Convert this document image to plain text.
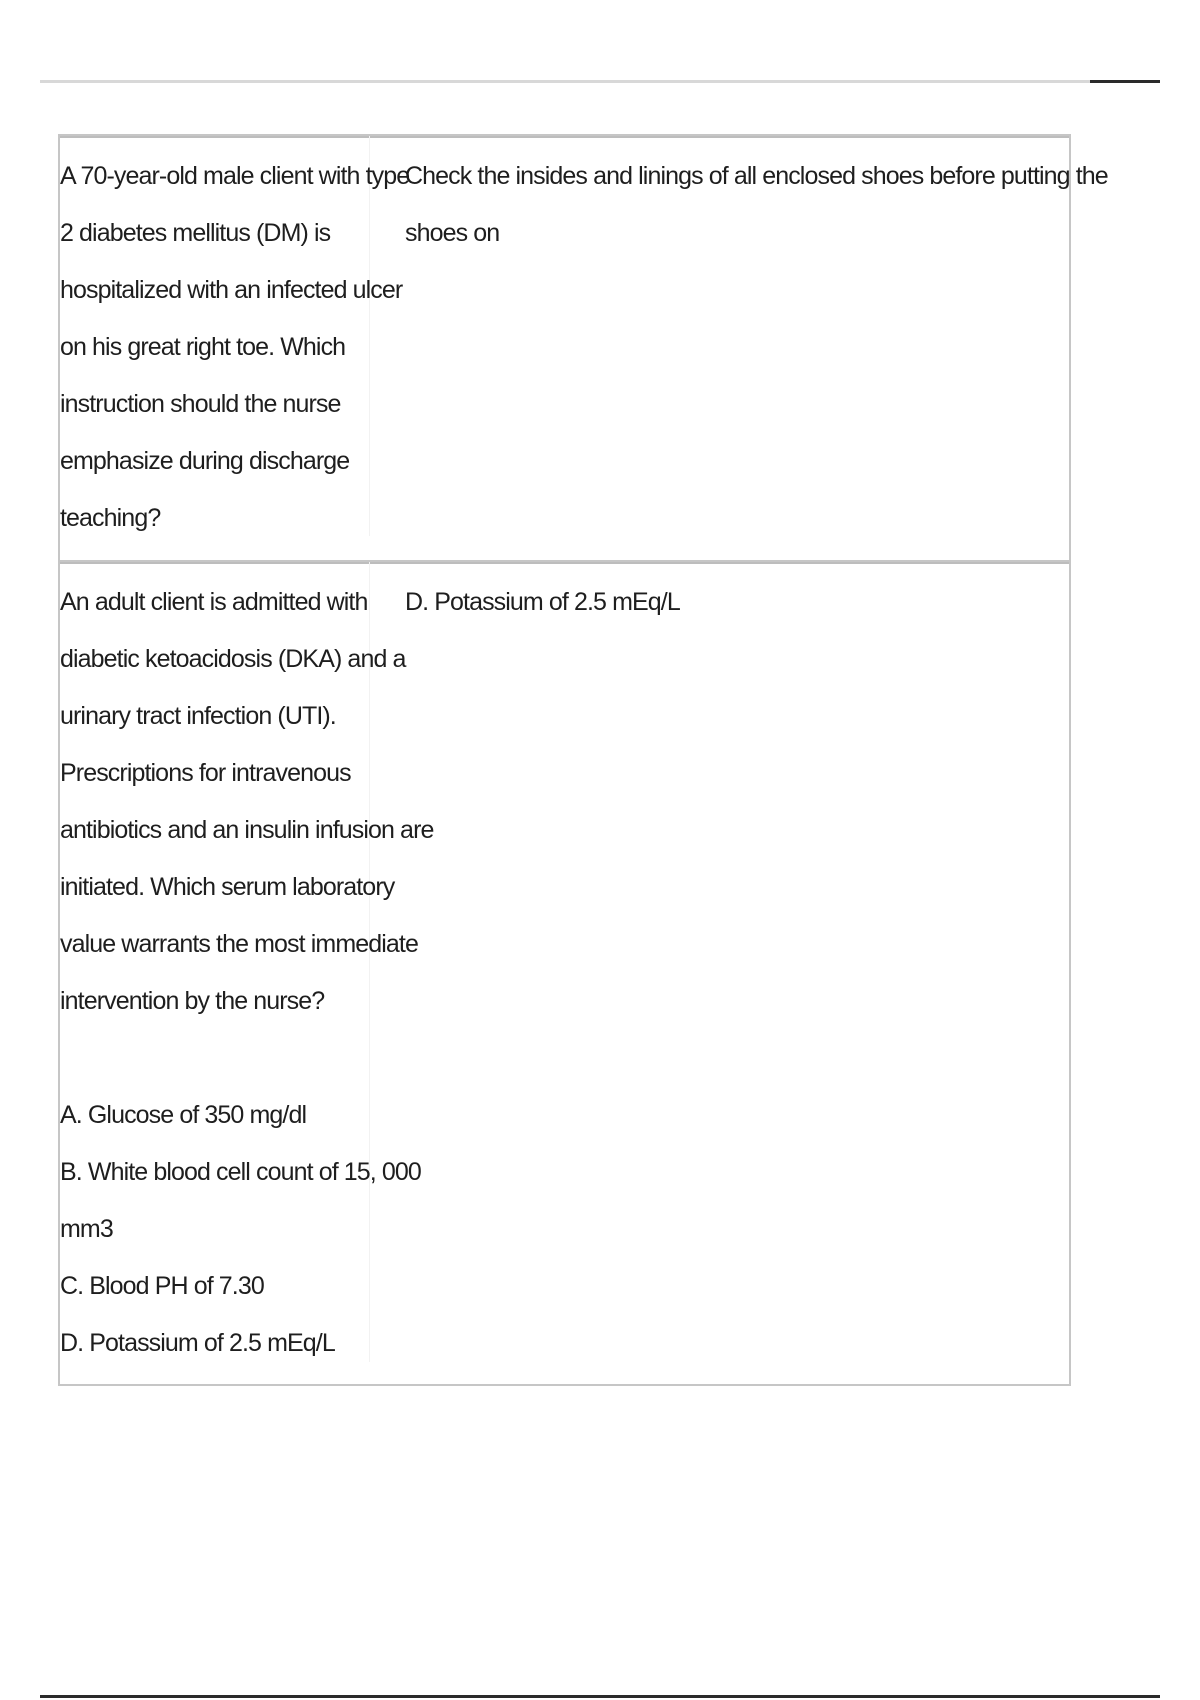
A 70-year-old male client with type
2 diabetes mellitus (DM) is
hospitalized with an infected ulcer
on his great right toe. Which
instruction should the nurse
emphasize during discharge
teaching?
Check the insides and linings of all enclosed shoes before putting the
shoes on
An adult client is admitted with
diabetic ketoacidosis (DKA) and a
urinary tract infection (UTI).
Prescriptions for intravenous
antibiotics and an insulin infusion are
initiated. Which serum laboratory
value warrants the most immediate
intervention by the nurse?
A. Glucose of 350 mg/dl
B. White blood cell count of 15, 000
mm3
C. Blood PH of 7.30
D. Potassium of 2.5 mEq/L
D. Potassium of 2.5 mEq/L
